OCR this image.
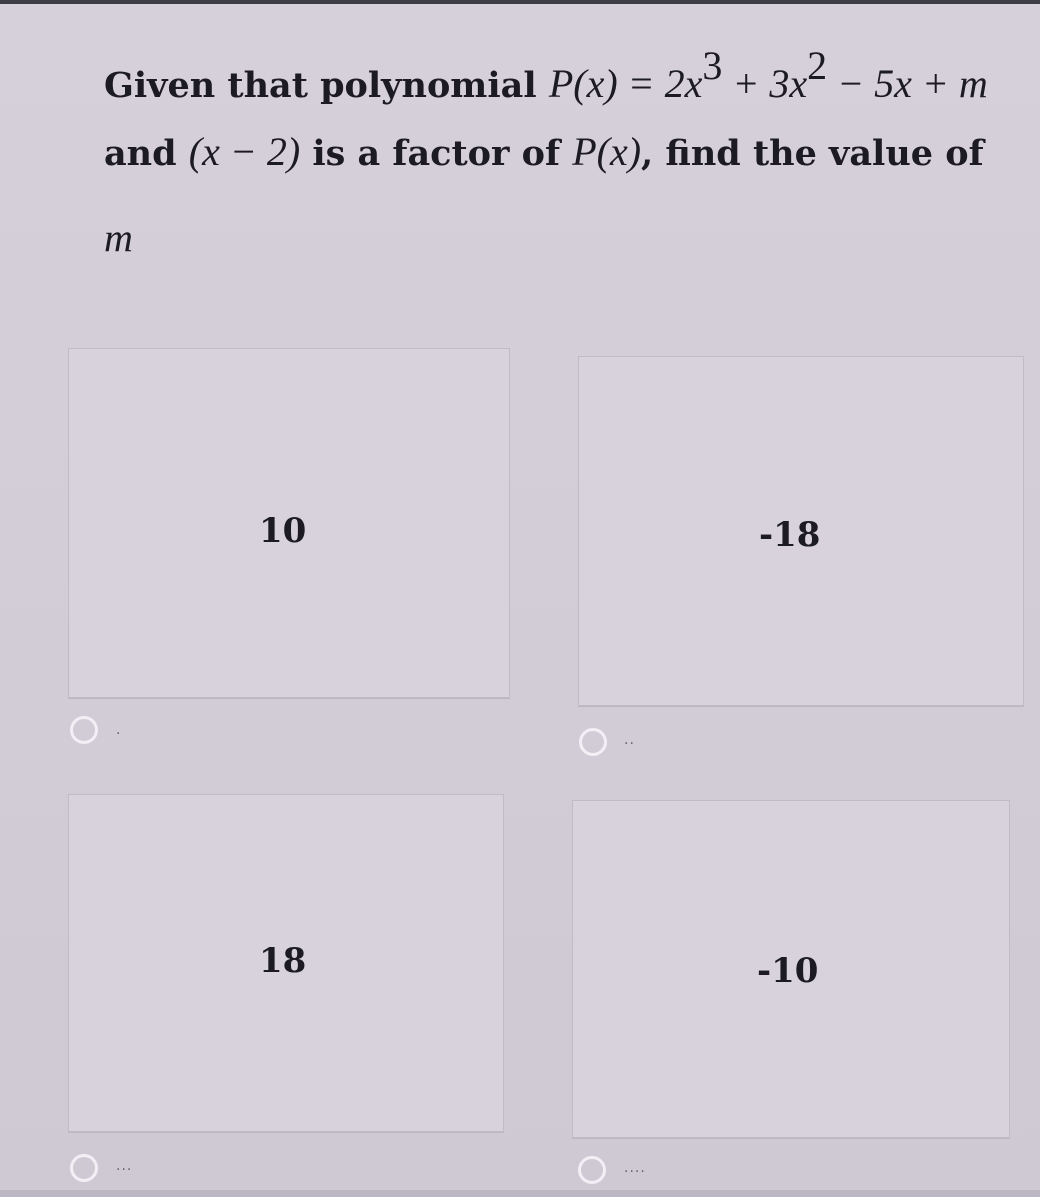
Given that polynomial $P(x) = 2x^3 + 3x^2 - 5x + m$
and (x − 2) is a factor of P(x), find the value of
m
10
.
-18
..
18
...
-10
....
